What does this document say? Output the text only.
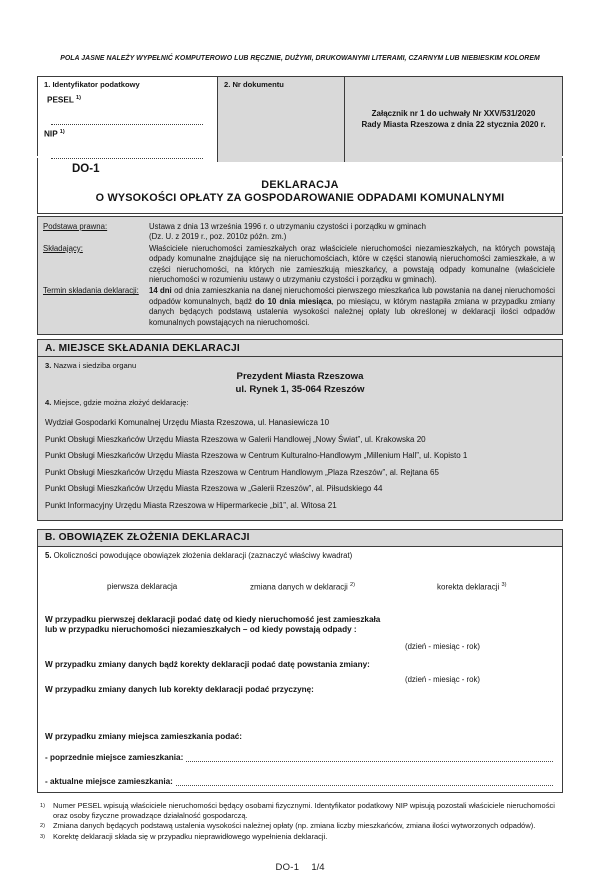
POLA JASNE NALEŻY WYPEŁNIĆ KOMPUTEROWO LUB RĘCZNIE, DUŻYMI, DRUKOWANYMI LITERAMI, CZARNYM LUB NIEBIESKIM KOLOREM
1. Identyfikator podatkowy
PESEL $^{1)}$
NIP $^{1)}$
2. Nr dokumentu
Załącznik nr 1 do uchwały Nr XXV/531/2020
Rady Miasta Rzeszowa z dnia 22 stycznia 2020 r.
DO-1
DEKLARACJA
O WYSOKOŚCI OPŁATY ZA GOSPODAROWANIE ODPADAMI KOMUNALNYMI
Podstawa prawna:	Ustawa z dnia 13 września 1996 r. o utrzymaniu czystości i porządku w gminach
(Dz. U. z 2019 r., poz. 2010z późn. zm.)
Składający:	Właściciele nieruchomości zamieszkałych oraz właściciele nieruchomości niezamieszkałych, na których powstają odpady komunalne znajdujące się na nieruchomościach, które w części stanowią nieruchomości zamieszkałe, a w części nieruchomości, na których nie zamieszkują mieszkańcy, a powstają odpady komunalne (właściciele nieruchomości w rozumieniu ustawy o utrzymaniu czystości i porządku w gminach).
Termin składania deklaracji:	14 dni od dnia zamieszkania na danej nieruchomości pierwszego mieszkańca lub powstania na danej nieruchomości odpadów komunalnych, bądź do 10 dnia miesiąca, po miesiącu, w którym nastąpiła zmiana w przypadku zmiany danych będących podstawą ustalenia wysokości należnej opłaty lub określonej w deklaracji ilości odpadów komunalnych powstających na nieruchomości.
A. MIEJSCE SKŁADANIA DEKLARACJI
3. Nazwa i siedziba organu
Prezydent Miasta Rzeszowa
ul. Rynek 1, 35-064 Rzeszów
4. Miejsce, gdzie można złożyć deklarację:
Wydział Gospodarki Komunalnej Urzędu Miasta Rzeszowa, ul. Hanasiewicza 10
Punkt Obsługi Mieszkańców Urzędu Miasta Rzeszowa w Galerii Handlowej „Nowy Świat”, ul. Krakowska 20
Punkt Obsługi Mieszkańców Urzędu Miasta Rzeszowa w Centrum Kulturalno-Handlowym „Millenium Hall”, ul. Kopisto 1
Punkt Obsługi Mieszkańców Urzędu Miasta Rzeszowa w Centrum Handlowym „Plaza Rzeszów”, al. Rejtana 65
Punkt Obsługi Mieszkańców Urzędu Miasta Rzeszowa w „Galerii Rzeszów”, al. Piłsudskiego 44
Punkt Informacyjny Urzędu Miasta Rzeszowa w Hipermarkecie „bi1”, al. Witosa 21
B. OBOWIĄZEK ZŁOŻENIA DEKLARACJI
5. Okoliczności powodujące obowiązek złożenia deklaracji (zaznaczyć właściwy kwadrat)
pierwsza deklaracja	zmiana danych w deklaracji $^{2)}$	korekta deklaracji $^{3)}$
W przypadku pierwszej deklaracji podać datę od kiedy nieruchomość jest zamieszkała
lub w przypadku nieruchomości niezamieszkałych – od kiedy powstają odpady :
(dzień - miesiąc - rok)
W przypadku zmiany danych bądź korekty deklaracji podać datę powstania zmiany:
(dzień - miesiąc - rok)
W przypadku zmiany danych lub korekty deklaracji podać przyczynę:
W przypadku zmiany miejsca zamieszkania podać:
- poprzednie miejsce zamieszkania:
- aktualne miejsce zamieszkania:
1)	Numer PESEL wpisują właściciele nieruchomości będący osobami fizycznymi. Identyfikator podatkowy NIP wpisują pozostali właściciele nieruchomości oraz osoby fizyczne prowadzące działalność gospodarczą.
2)	Zmiana danych będących podstawą ustalenia wysokości należnej opłaty (np. zmiana liczby mieszkańców, zmiana ilości wytworzonych odpadów).
3)	Korektę deklaracji składa się w przypadku nieprawidłowego wypełnienia deklaracji.
DO-1 1/4
